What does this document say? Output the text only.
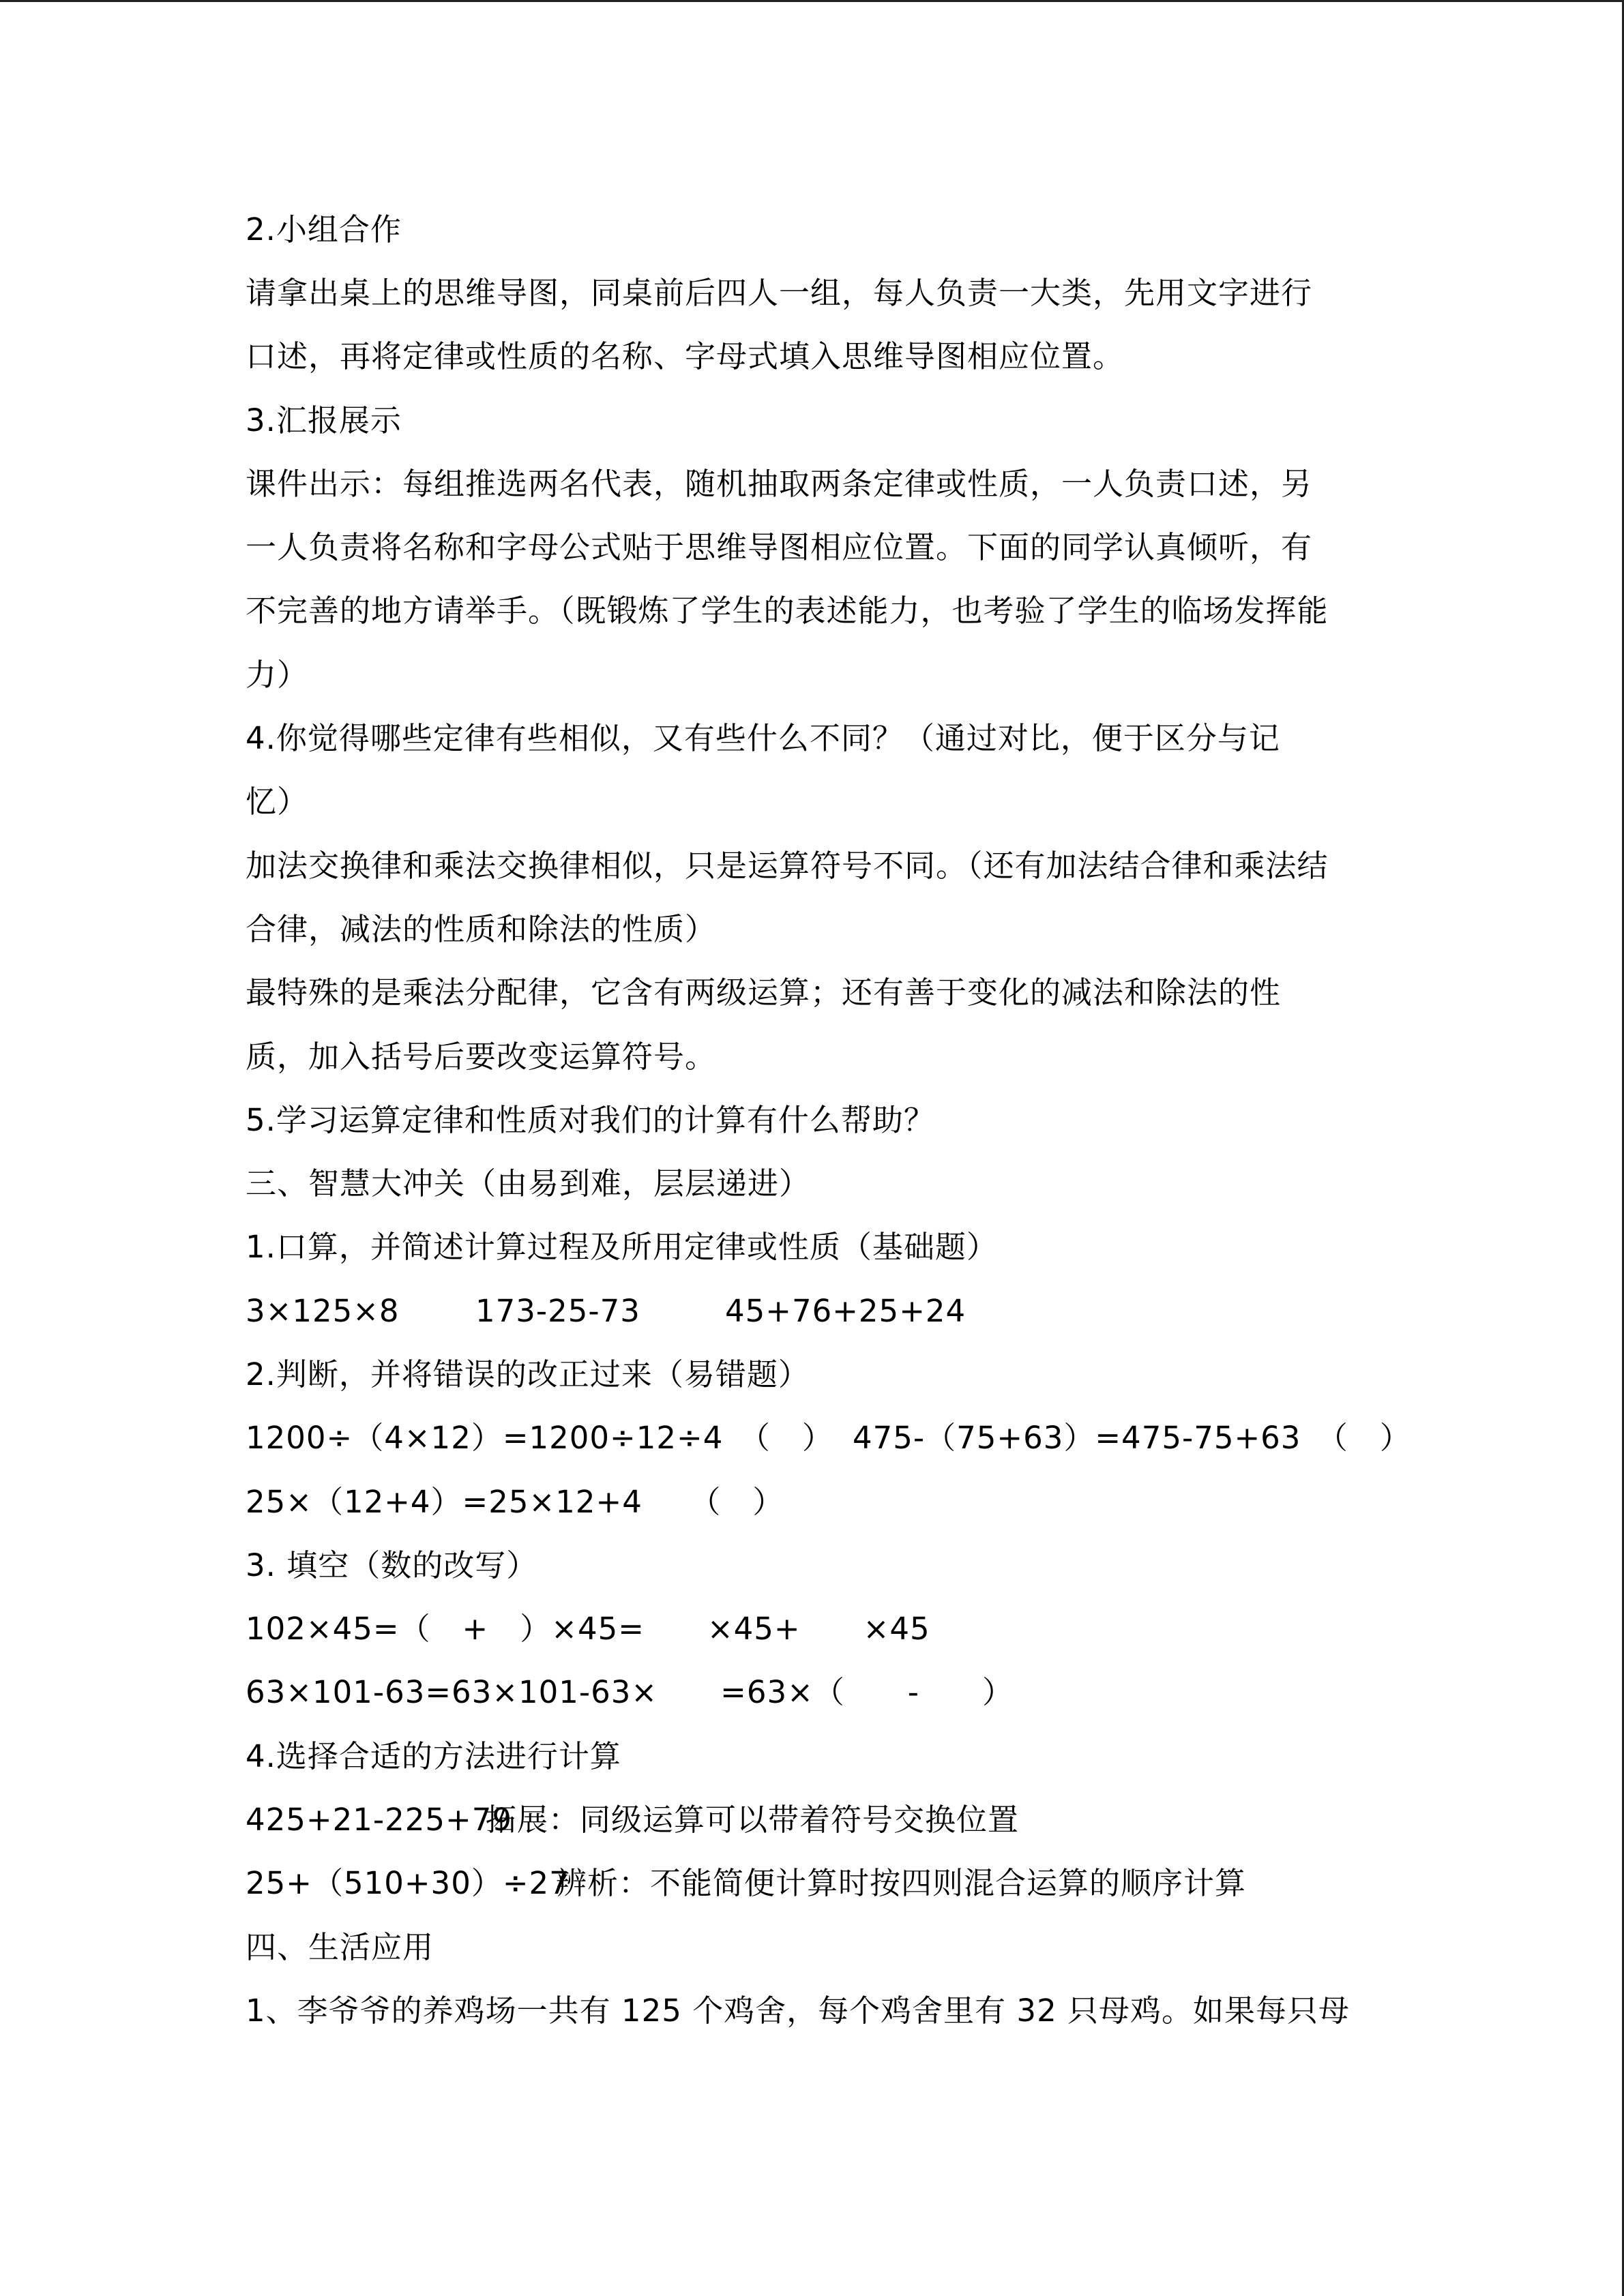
2.小组合作
请拿出桌上的思维导图，同桌前后四人一组，每人负责一大类，先用文字进行
口述，再将定律或性质的名称、字母式填入思维导图相应位置。
3.汇报展示
课件出示：每组推选两名代表，随机抽取两条定律或性质，一人负责口述，另
一人负责将名称和字母公式贴于思维导图相应位置。下面的同学认真倾听，有
不完善的地方请举手。（既锻炼了学生的表述能力，也考验了学生的临场发挥能
力）
4.你觉得哪些定律有些相似，又有些什么不同？（通过对比，便于区分与记
忆）
加法交换律和乘法交换律相似，只是运算符号不同。（还有加法结合律和乘法结
合律，减法的性质和除法的性质）
最特殊的是乘法分配律，它含有两级运算；还有善于变化的减法和除法的性
质，加入括号后要改变运算符号。
5.学习运算定律和性质对我们的计算有什么帮助？
三、智慧大冲关（由易到难，层层递进）
1.口算，并简述计算过程及所用定律或性质（基础题）
3×125×8 173-25-73	45+76+25+24
2.判断，并将错误的改正过来（易错题）
1200÷（4×12）=1200÷12÷4　（　） 475-（75+63）=475-75+63　（　）
25×（12+4）=25×12+4　　（　）
3. 填空（数的改写）
102×45=（　+　）×45=　　×45+　　×45
63×101-63=63×101-63×　　=63×（　　-　　）
4.选择合适的方法进行计算
425+21-225+79
拓展：同级运算可以带着符号交换位置
25+（510+30）÷27
辨析：不能简便计算时按四则混合运算的顺序计算
四、生活应用
1、李爷爷的养鸡场一共有 125 个鸡舍，每个鸡舍里有 32 只母鸡。如果每只母
